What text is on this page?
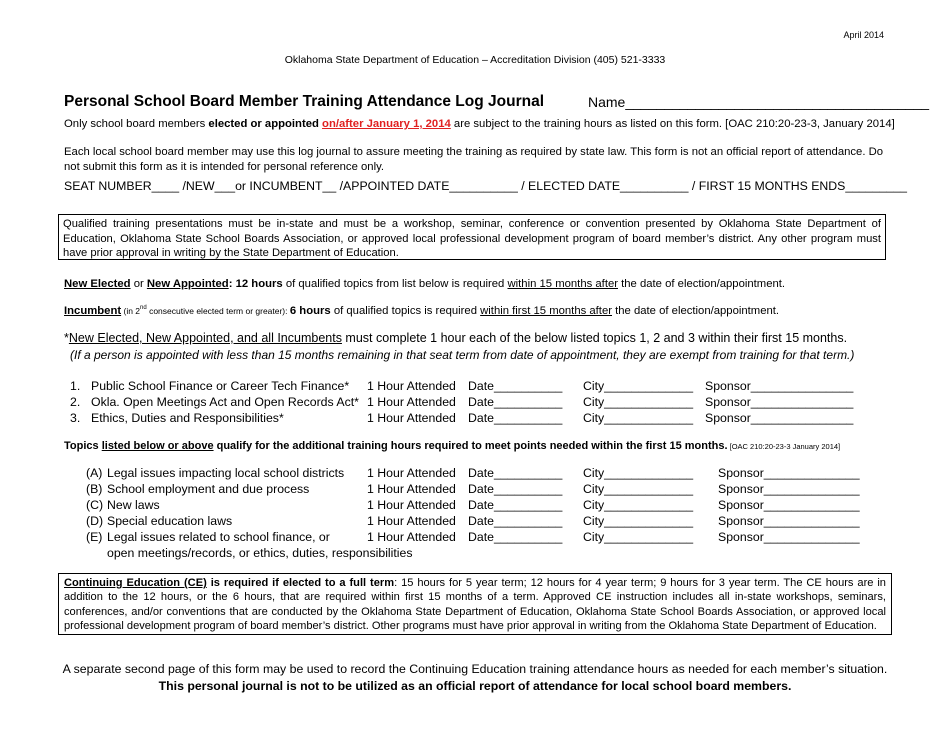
April 2014
Oklahoma State Department of Education – Accreditation Division (405) 521-3333
Personal School Board Member Training Attendance Log Journal	Name_______________________________________
Only school board members elected or appointed on/after January 1, 2014 are subject to the training hours as listed on this form. [OAC 210:20-23-3, January 2014]
Each local school board member may use this log journal to assure meeting the training as required by state law. This form is not an official report of attendance. Do not submit this form as it is intended for personal reference only.
SEAT NUMBER____ /NEW___or INCUMBENT__ /APPOINTED DATE__________ / ELECTED DATE__________ / FIRST 15 MONTHS ENDS_________
Qualified training presentations must be in-state and must be a workshop, seminar, conference or convention presented by Oklahoma State Department of Education, Oklahoma State School Boards Association, or approved local professional development program of board member’s district. Any other program must have prior approval in writing by the State Department of Education.
New Elected or New Appointed: 12 hours of qualified topics from list below is required within 15 months after the date of election/appointment.
Incumbent (in 2nd consecutive elected term or greater): 6 hours of qualified topics is required within first 15 months after the date of election/appointment.
*New Elected, New Appointed, and all Incumbents must complete 1 hour each of the below listed topics 1, 2 and 3 within their first 15 months.
(If a person is appointed with less than 15 months remaining in that seat term from date of appointment, they are exempt from training for that term.)
1. Public School Finance or Career Tech Finance* 1 Hour Attended Date__________ City_____________ Sponsor_______________
2. Okla. Open Meetings Act and Open Records Act* 1 Hour Attended Date__________ City_____________ Sponsor_______________
3. Ethics, Duties and Responsibilities*	1 Hour Attended Date__________ City_____________ Sponsor_______________
Topics listed below or above qualify for the additional training hours required to meet points needed within the first 15 months. [OAC 210:20-23-3 January 2014]
(A) Legal issues impacting local school districts 1 Hour Attended Date__________ City_____________ Sponsor______________
(B) School employment and due process	1 Hour Attended Date__________ City_____________ Sponsor______________
(C) New laws	1 Hour Attended Date__________ City_____________ Sponsor______________
(D) Special education laws	1 Hour Attended Date__________ City_____________ Sponsor______________
(E) Legal issues related to school finance, or	1 Hour Attended Date__________ City_____________ Sponsor______________
open meetings/records, or ethics, duties, responsibilities
Continuing Education (CE) is required if elected to a full term: 15 hours for 5 year term; 12 hours for 4 year term; 9 hours for 3 year term. The CE hours are in addition to the 12 hours, or the 6 hours, that are required within first 15 months of a term. Approved CE instruction includes all in-state workshops, seminars, conferences, and/or conventions that are conducted by the Oklahoma State Department of Education, Oklahoma State School Boards Association, or approved local professional development program of board member’s district. Other programs must have prior approval in writing from the Oklahoma State Department of Education.
A separate second page of this form may be used to record the Continuing Education training attendance hours as needed for each member’s situation.
This personal journal is not to be utilized as an official report of attendance for local school board members.
